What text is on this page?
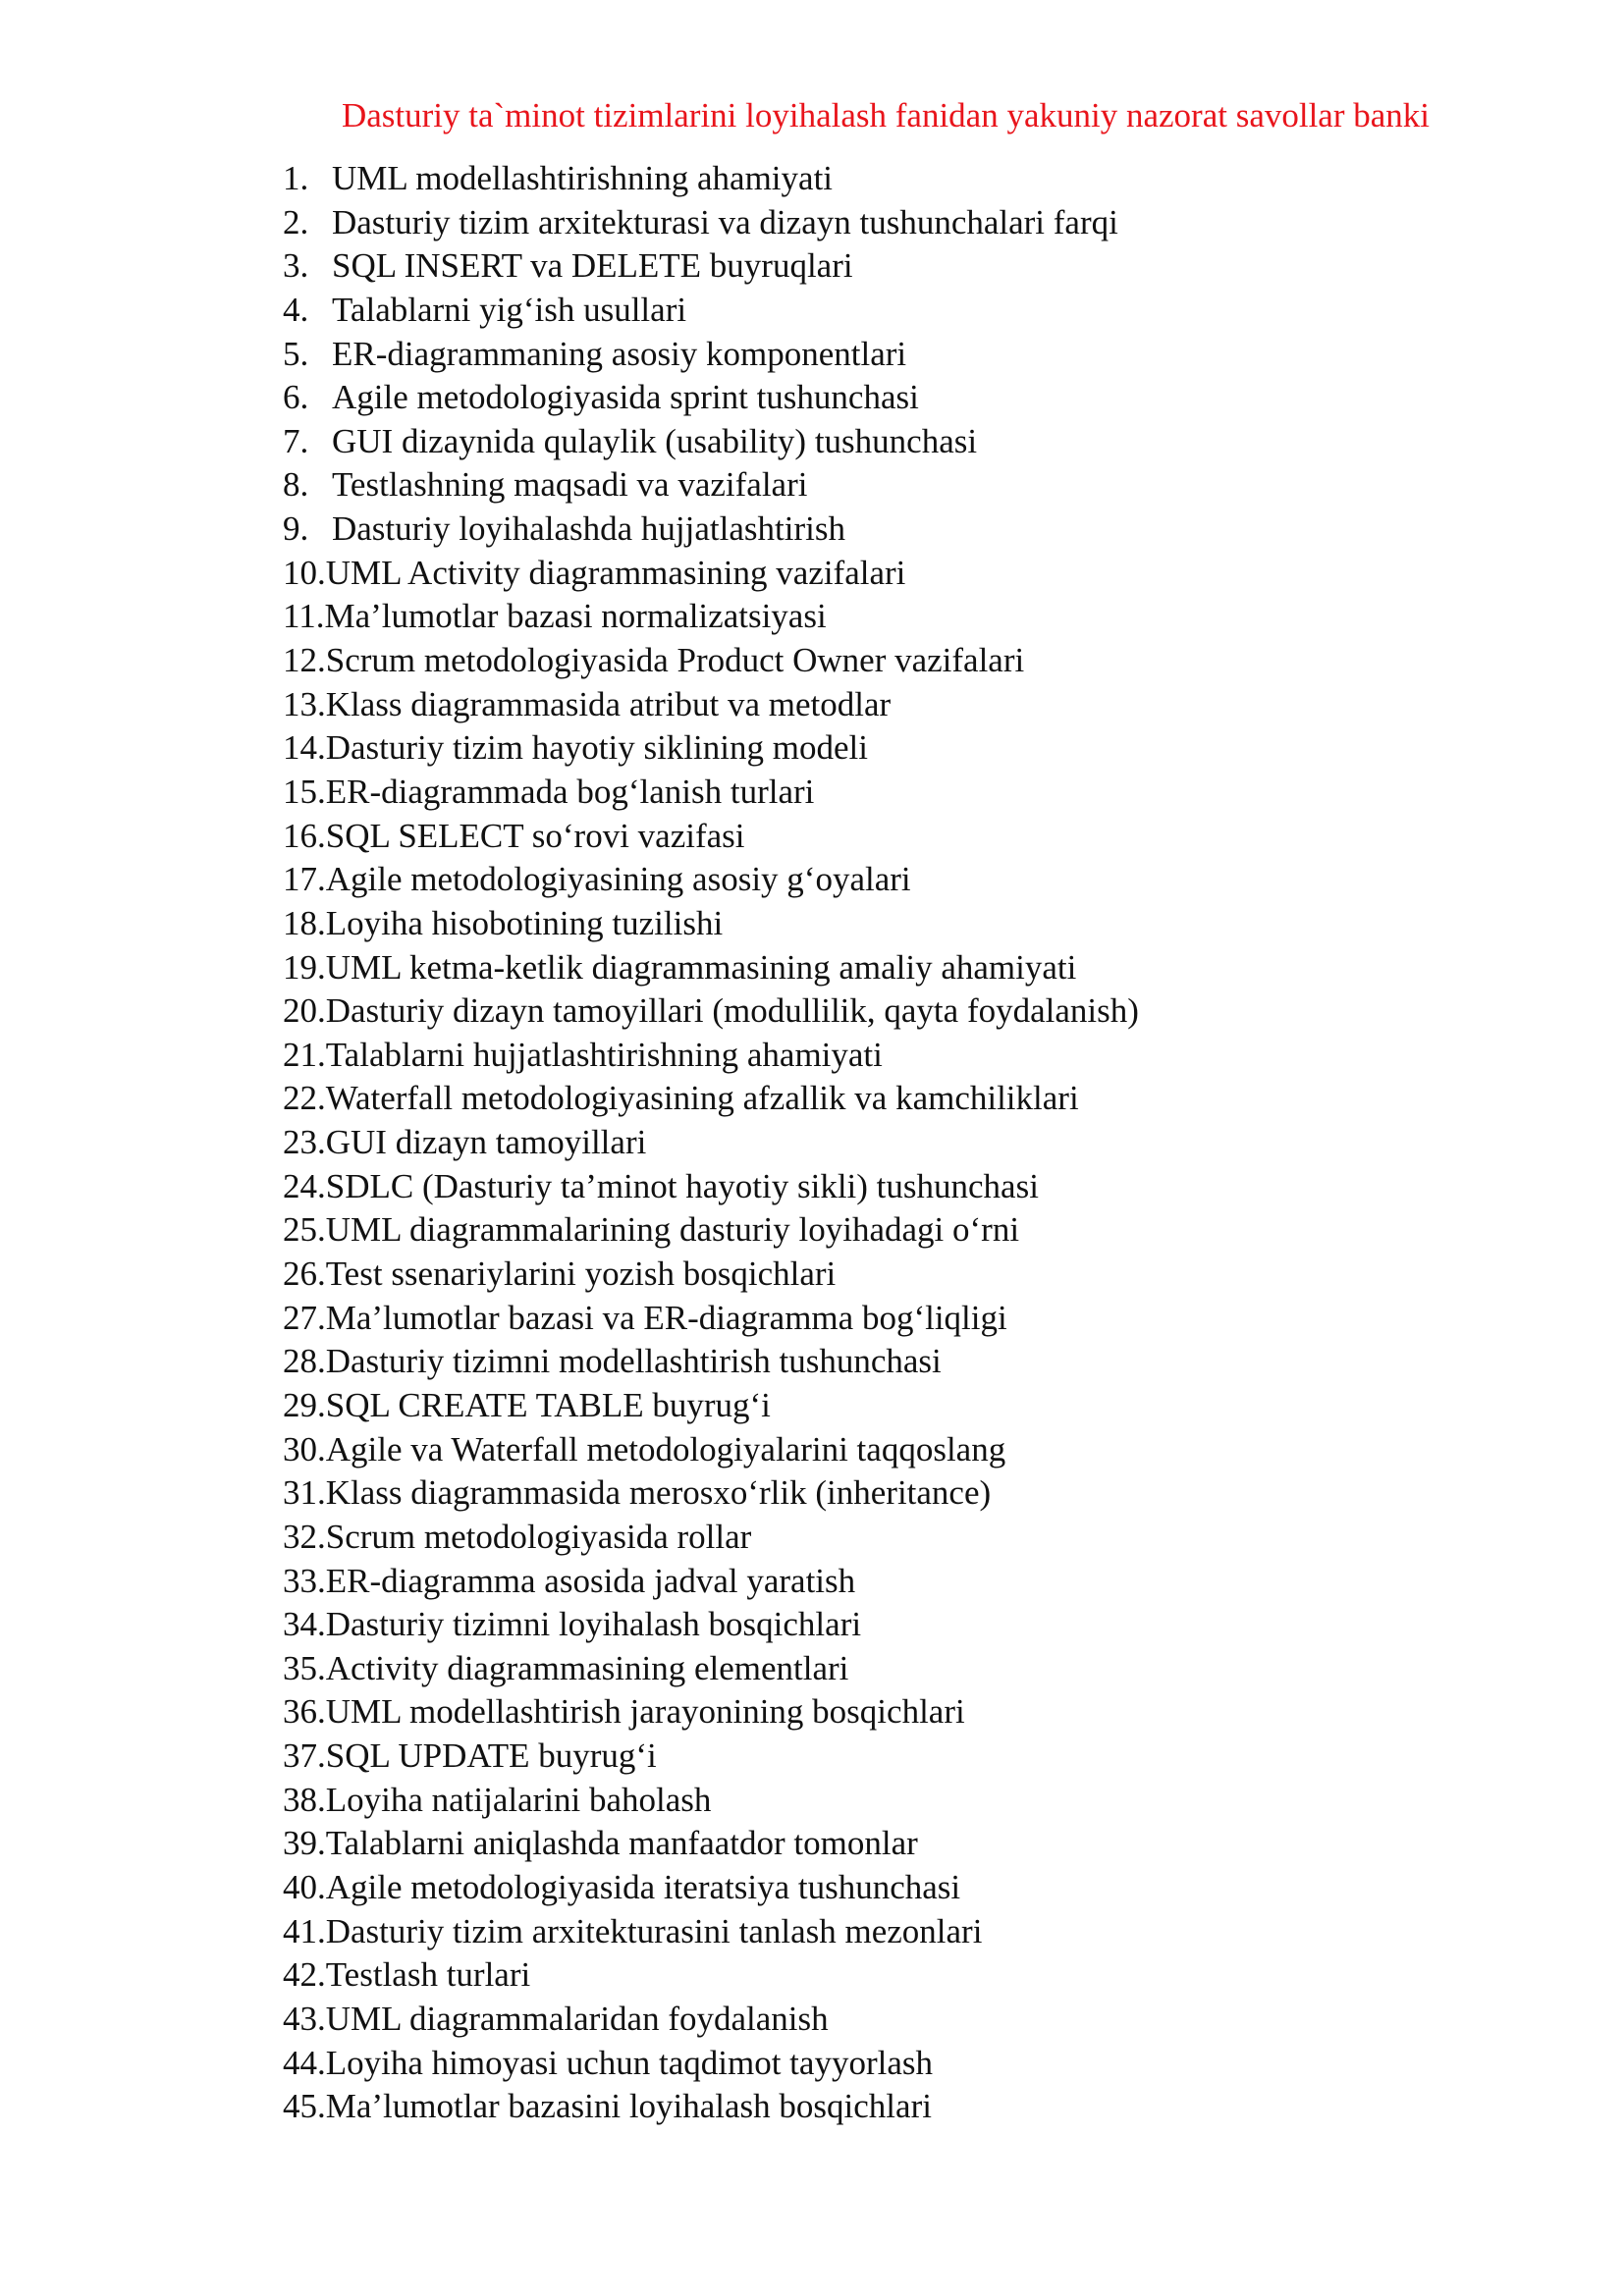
Dasturiy ta`minot tizimlarini loyihalash fanidan yakuniy nazorat savollar banki
1. UML modellashtirishning ahamiyati
2. Dasturiy tizim arxitekturasi va dizayn tushunchalari farqi
3. SQL INSERT va DELETE buyruqlari
4. Talablarni yig‘ish usullari
5. ER-diagrammaning asosiy komponentlari
6. Agile metodologiyasida sprint tushunchasi
7. GUI dizaynida qulaylik (usability) tushunchasi
8. Testlashning maqsadi va vazifalari
9. Dasturiy loyihalashda hujjatlashtirish
10. UML Activity diagrammasining vazifalari
11. Ma’lumotlar bazasi normalizatsiyasi
12. Scrum metodologiyasida Product Owner vazifalari
13. Klass diagrammasida atribut va metodlar
14. Dasturiy tizim hayotiy siklining modeli
15. ER-diagrammada bog‘lanish turlari
16. SQL SELECT so‘rovi vazifasi
17. Agile metodologiyasining asosiy g‘oyalari
18. Loyiha hisobotining tuzilishi
19. UML ketma-ketlik diagrammasining amaliy ahamiyati
20. Dasturiy dizayn tamoyillari (modullilik, qayta foydalanish)
21. Talablarni hujjatlashtirishning ahamiyati
22. Waterfall metodologiyasining afzallik va kamchiliklari
23. GUI dizayn tamoyillari
24. SDLC (Dasturiy ta’minot hayotiy sikli) tushunchasi
25. UML diagrammalarining dasturiy loyihadagi o‘rni
26. Test ssenariylarini yozish bosqichlari
27. Ma’lumotlar bazasi va ER-diagramma bog‘liqligi
28. Dasturiy tizimni modellashtirish tushunchasi
29. SQL CREATE TABLE buyrug‘i
30. Agile va Waterfall metodologiyalarini taqqoslang
31. Klass diagrammasida merosxo‘rlik (inheritance)
32. Scrum metodologiyasida rollar
33. ER-diagramma asosida jadval yaratish
34. Dasturiy tizimni loyihalash bosqichlari
35. Activity diagrammasining elementlari
36. UML modellashtirish jarayonining bosqichlari
37. SQL UPDATE buyrug‘i
38. Loyiha natijalarini baholash
39. Talablarni aniqlashda manfaatdor tomonlar
40. Agile metodologiyasida iteratsiya tushunchasi
41. Dasturiy tizim arxitekturasini tanlash mezonlari
42. Testlash turlari
43. UML diagrammalaridan foydalanish
44. Loyiha himoyasi uchun taqdimot tayyorlash
45. Ma’lumotlar bazasini loyihalash bosqichlari
